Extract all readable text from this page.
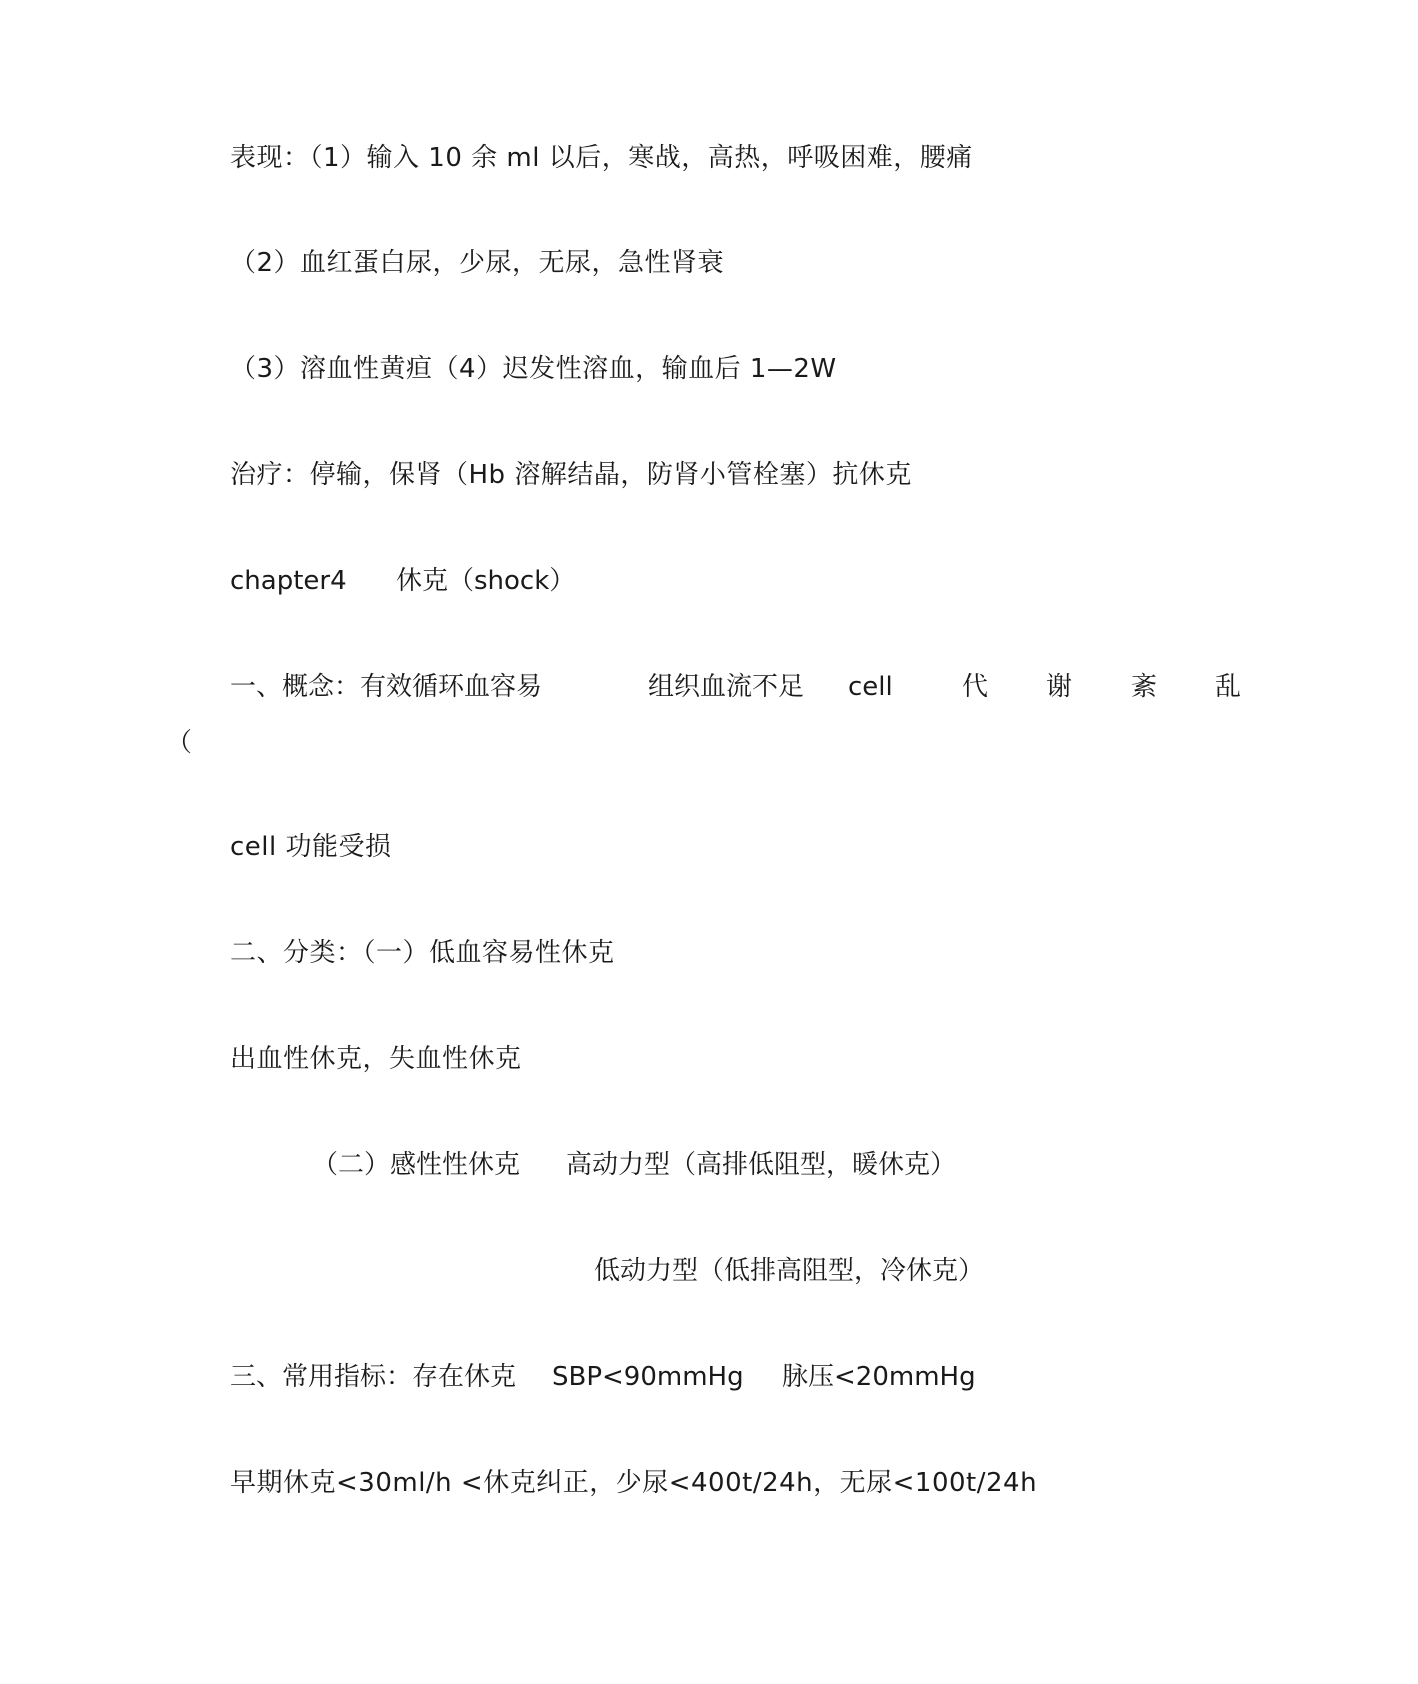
表现：（1）输入 10 余 ml 以后，寒战，高热，呼吸困难，腰痛
（2）血红蛋白尿，少尿，无尿，急性肾衰
（3）溶血性黄疸（4）迟发性溶血，输血后 1—2W
治疗：停输，保肾（Hb 溶解结晶，防肾小管栓塞）抗休克
chapter4 休克（shock）
一、概念：有效循环血容易	组织血流不足 cell	代 谢 紊 乱
（
cell 功能受损
二、分类：（一）低血容易性休克
出血性休克，失血性休克
（二）感性性休克 高动力型（高排低阻型，暖休克）
低动力型（低排高阻型，冷休克）
三、常用指标：存在休克 SBP<90mmHg 脉压<20mmHg
早期休克<30ml/h <休克纠正，少尿<400t/24h，无尿<100t/24h
